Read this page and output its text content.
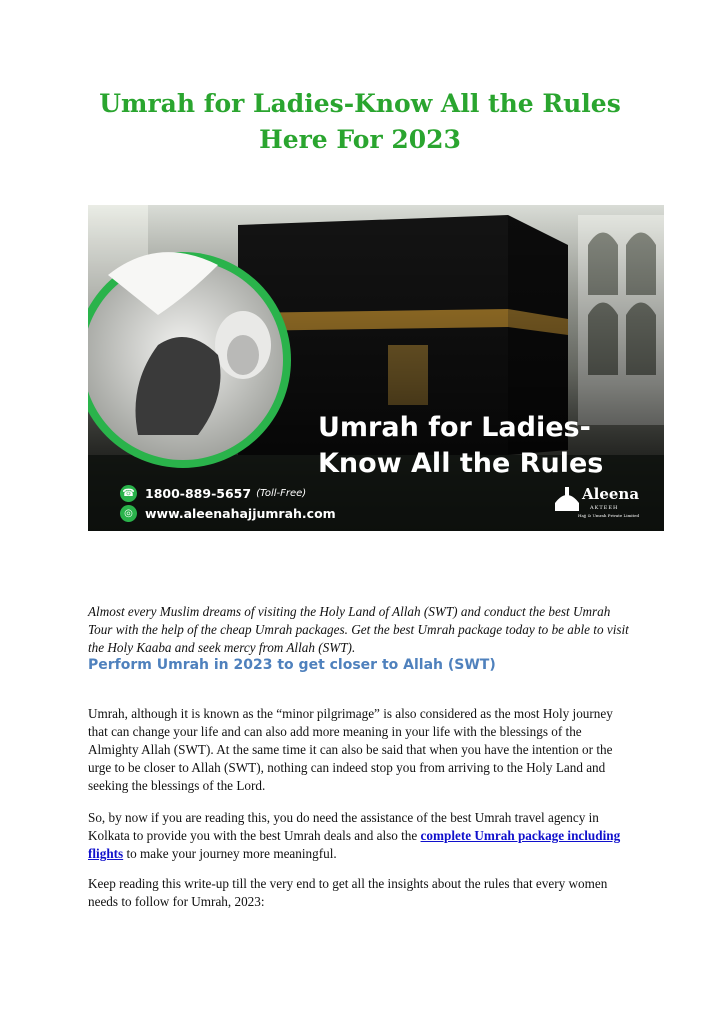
Umrah for Ladies-Know All the Rules
Here For 2023
Umrah for Ladies-
Know All the Rules
☎ 1800-889-5657 (Toll-Free)
◎ www.aleenahajjumrah.com
Aleena
AKTEEH
Hajj & Umrah Private Limited

Almost every Muslim dreams of visiting the Holy Land of Allah (SWT) and conduct the best Umrah Tour with the help of the cheap Umrah packages. Get the best Umrah package today to be able to visit the Holy Kaaba and seek mercy from Allah (SWT).

Perform Umrah in 2023 to get closer to Allah (SWT)

Umrah, although it is known as the “minor pilgrimage” is also considered as the most Holy journey that can change your life and can also add more meaning in your life with the blessings of the Almighty Allah (SWT). At the same time it can also be said that when you have the intention or the urge to be closer to Allah (SWT), nothing can indeed stop you from arriving to the Holy Land and seeking the blessings of the Lord.

So, by now if you are reading this, you do need the assistance of the best Umrah travel agency in Kolkata to provide you with the best Umrah deals and also the complete Umrah package including flights to make your journey more meaningful.

Keep reading this write-up till the very end to get all the insights about the rules that every women needs to follow for Umrah, 2023:
